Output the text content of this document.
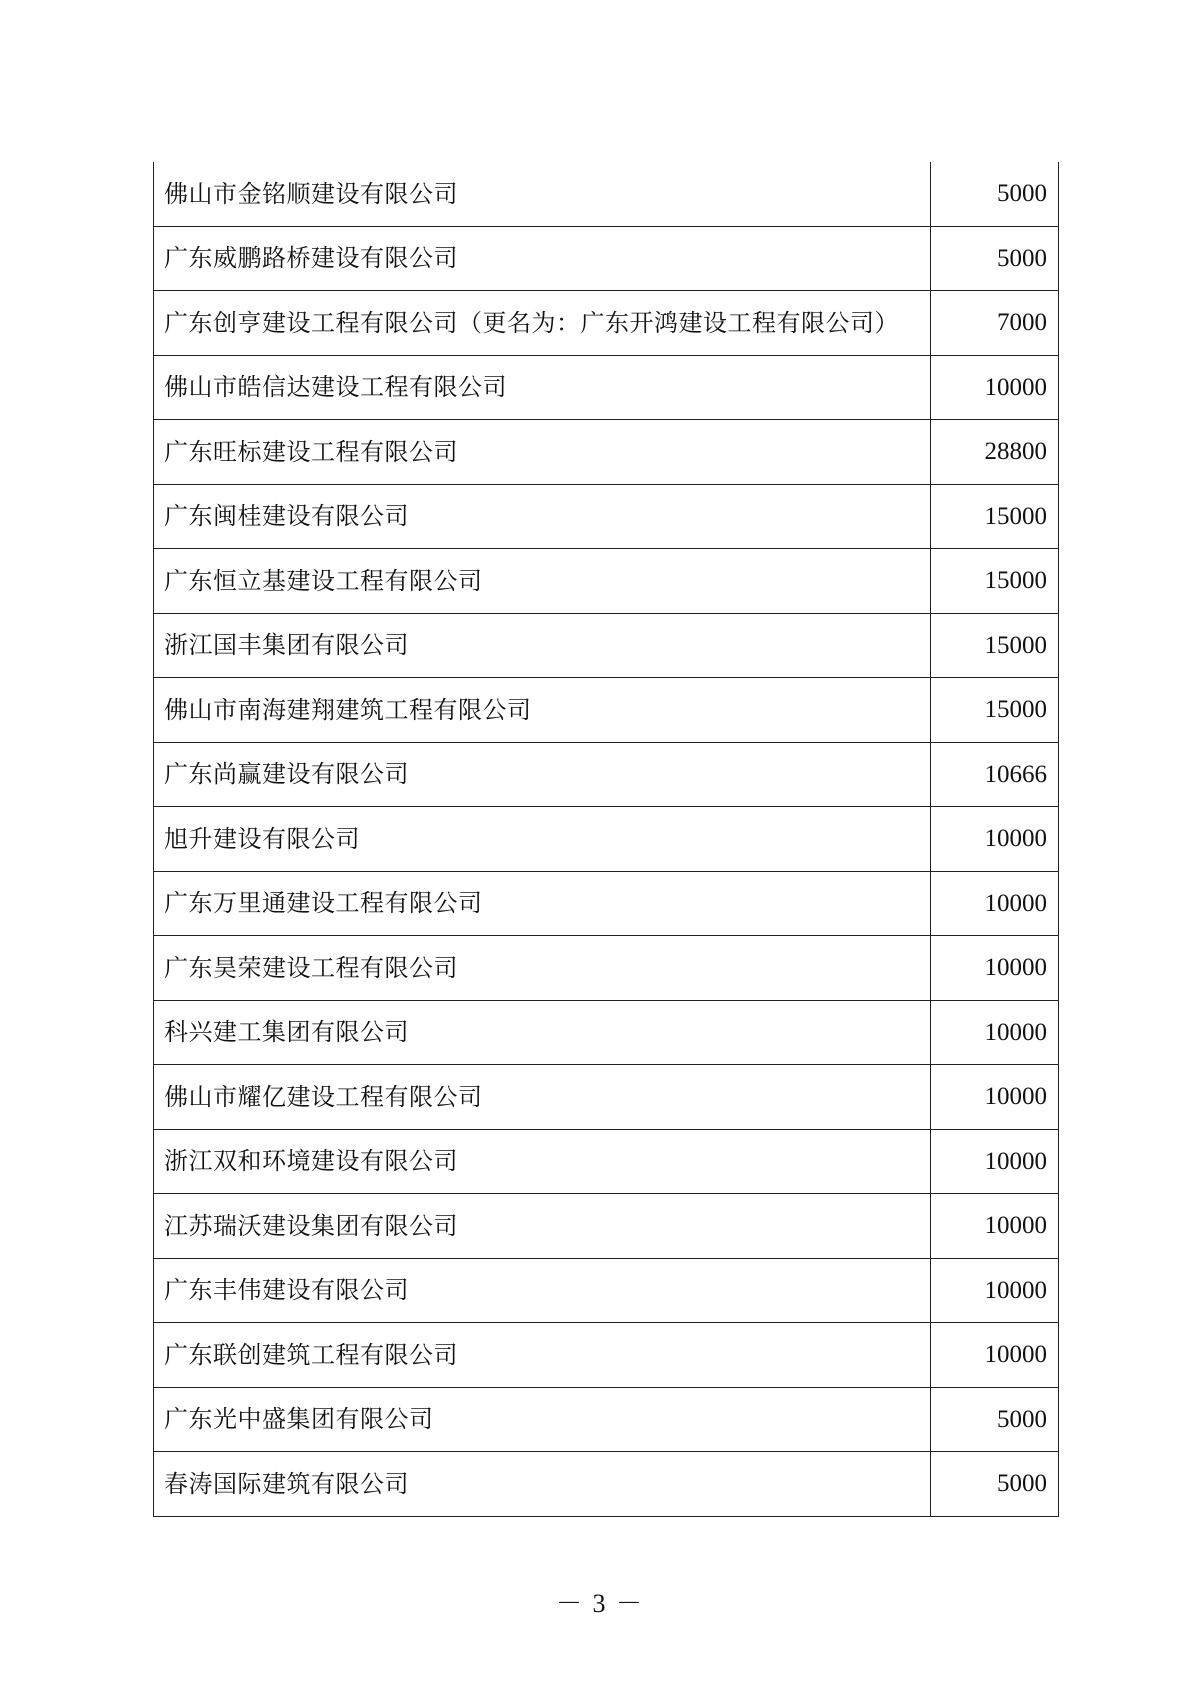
佛山市金铭顺建设有限公司	5000
广东威鹏路桥建设有限公司	5000
广东创亨建设工程有限公司（更名为：广东开鸿建设工程有限公司）	7000
佛山市皓信达建设工程有限公司	10000
广东旺标建设工程有限公司	28800
广东闽桂建设有限公司	15000
广东恒立基建设工程有限公司	15000
浙江国丰集团有限公司	15000
佛山市南海建翔建筑工程有限公司	15000
广东尚赢建设有限公司	10666
旭升建设有限公司	10000
广东万里通建设工程有限公司	10000
广东昊荣建设工程有限公司	10000
科兴建工集团有限公司	10000
佛山市耀亿建设工程有限公司	10000
浙江双和环境建设有限公司	10000
江苏瑞沃建设集团有限公司	10000
广东丰伟建设有限公司	10000
广东联创建筑工程有限公司	10000
广东光中盛集团有限公司	5000
春涛国际建筑有限公司	5000
－ 3 －
